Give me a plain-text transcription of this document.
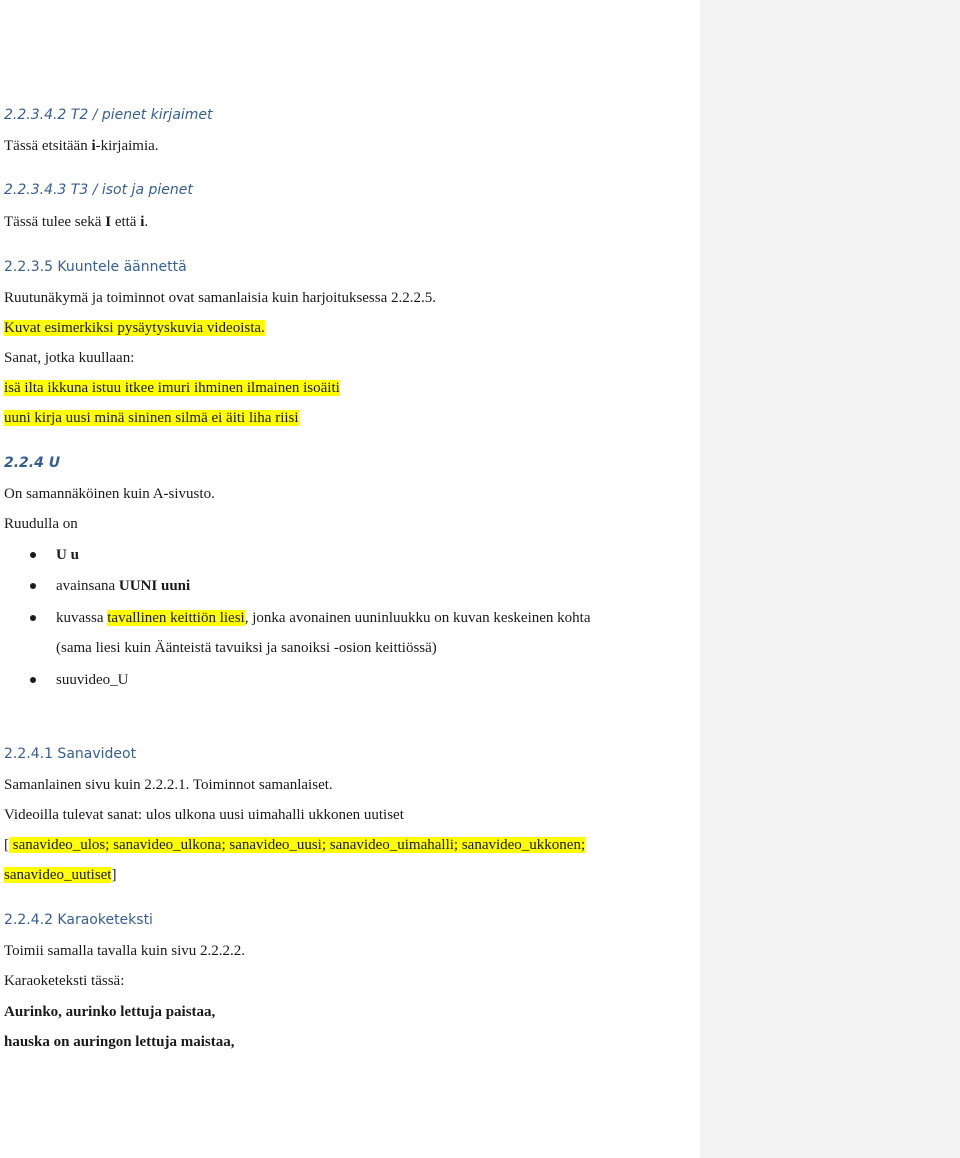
2.2.3.4.2 T2 / pienet kirjaimet
Tässä etsitään i-kirjaimia.
2.2.3.4.3 T3 / isot ja pienet
Tässä tulee sekä I että i.
2.2.3.5 Kuuntele äännettä
Ruutunäkymä ja toiminnot ovat samanlaisia kuin harjoituksessa 2.2.2.5.
Kuvat esimerkiksi pysäytyskuvia videoista.
Sanat, jotka kuullaan:
isä ilta ikkuna istuu itkee imuri ihminen ilmainen isoäiti
uuni kirja uusi minä sininen silmä ei äiti liha riisi
2.2.4 U
On samannäköinen kuin A-sivusto.
Ruudulla on
U u
avainsana UUNI uuni
kuvassa tavallinen keittiön liesi, jonka avonainen uuninluukku on kuvan keskeinen kohta
(sama liesi kuin Äänteistä tavuiksi ja sanoiksi -osion keittiössä)
suuvideo_U
2.2.4.1 Sanavideot
Samanlainen sivu kuin 2.2.2.1. Toiminnot samanlaiset.
Videoilla tulevat sanat: ulos ulkona uusi uimahalli ukkonen uutiset
[ sanavideo_ulos; sanavideo_ulkona; sanavideo_uusi; sanavideo_uimahalli; sanavideo_ukkonen;
sanavideo_uutiset]
2.2.4.2 Karaoketeksti
Toimii samalla tavalla kuin sivu 2.2.2.2.
Karaoketeksti tässä:
Aurinko, aurinko lettuja paistaa,
hauska on auringon lettuja maistaa,
